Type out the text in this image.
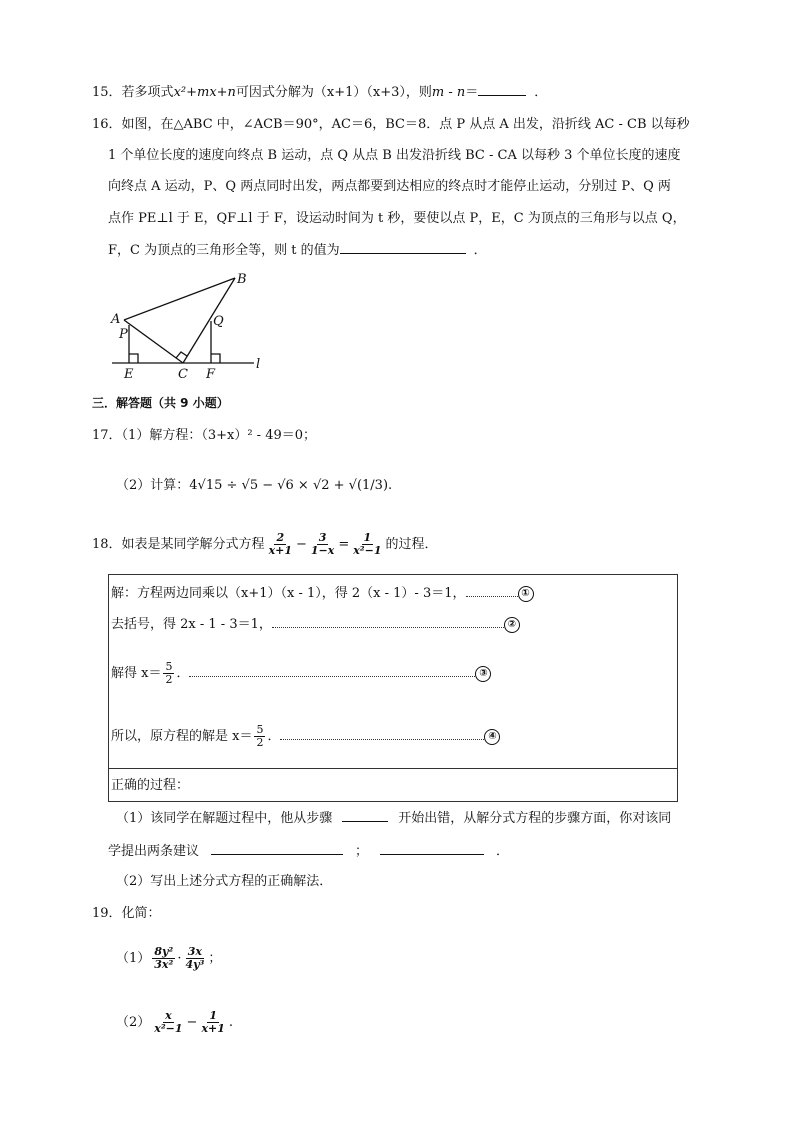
15．若多项式x²+mx+n可因式分解为（x+1）（x+3），则m - n＝	．
16．如图，在△ABC 中，∠ACB＝90°，AC＝6，BC＝8．点 P 从点 A 出发，沿折线 AC - CB 以每秒
1 个单位长度的速度向终点 B 运动，点 Q 从点 B 出发沿折线 BC - CA 以每秒 3 个单位长度的速度
向终点 A 运动，P、Q 两点同时出发，两点都要到达相应的终点时才能停止运动，分别过 P、Q 两
点作 PE⊥l 于 E，QF⊥l 于 F，设运动时间为 t 秒，要使以点 P，E，C 为顶点的三角形与以点 Q，
F，C 为顶点的三角形全等，则 t 的值为	．
A
B
P
Q
E	C F
l
三．解答题（共 9 小题）
17．（1）解方程：（3+x）² - 49＝0；
（2）计算：4√15 ÷ √5 − √6 × √2 + √(1/3).
18．如表是某同学解分式方程 $\frac{2}{x+1} - \frac{3}{1-x} = \frac{1}{\text{x²−1}}$ 的过程．
解：方程两边同乘以（x+1）（x - 1），得 2（x - 1）- 3＝1，	①
去括号，得 2x - 1 - 3＝1，	②
解得 $x= \frac{5}{2}$ ．	③
所以，原方程的解是 $x= \frac{5}{2}$ ．	④
正确的过程：
（1）该同学在解题过程中，他从步骤	开始出错，从解分式方程的步骤方面，你对该同
学提出两条建议	；	．
（2）写出上述分式方程的正确解法．
19．化简：
$(1) \frac{\text{8y²}}{\text{3x²}} \cdot \frac{3x}{\text{4y³}}$ ；
$(2) \frac{x}{\text{x²−1}} - \frac{1}{x+1}$ .
